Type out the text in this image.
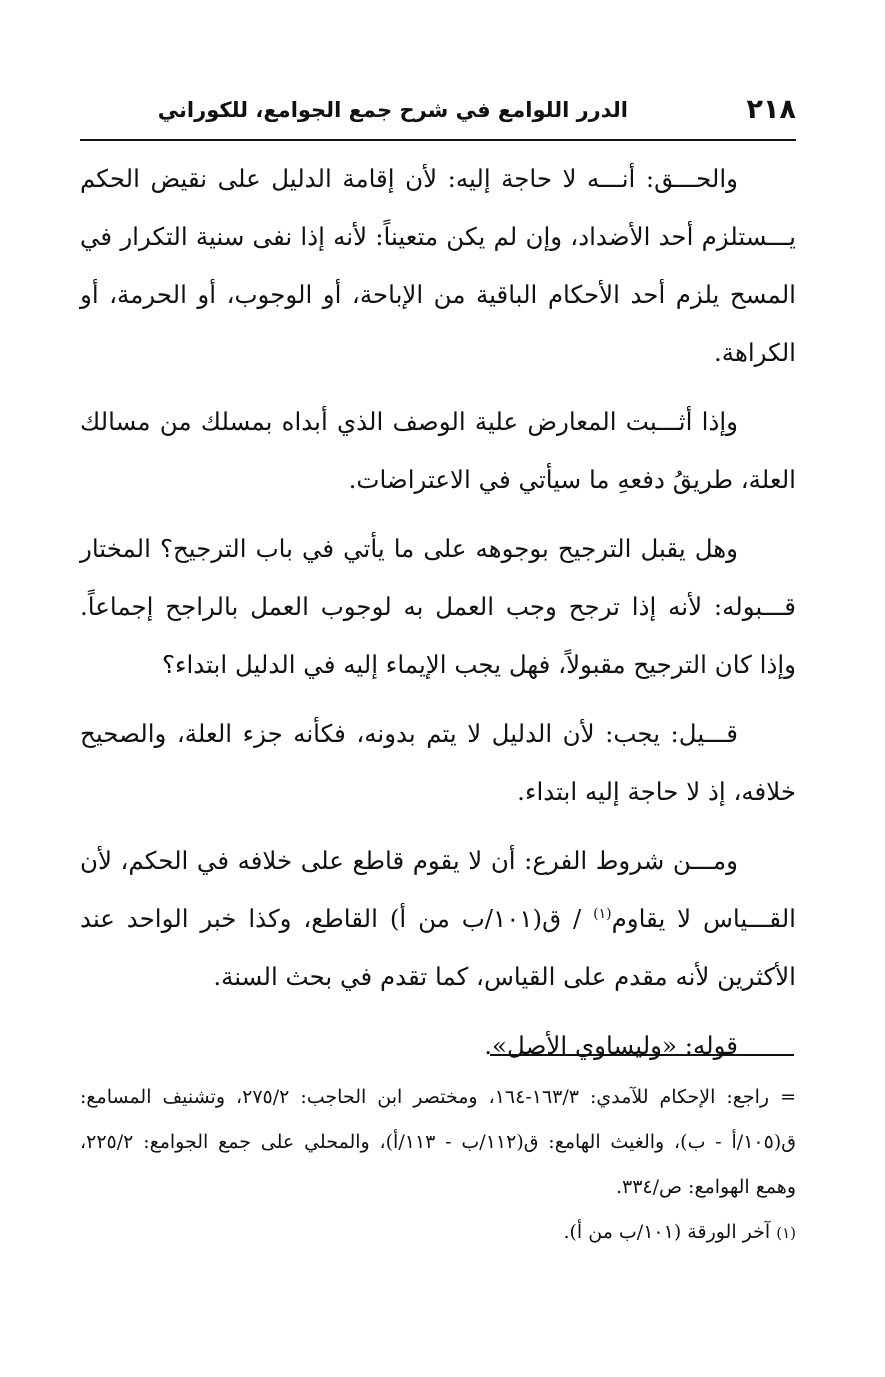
٢١٨
الدرر اللوامع في شرح جمع الجوامع، للكوراني

والحـــق: أنـــه لا حاجة إليه: لأن إقامة الدليل على نقيض الحكم يـــستلزم أحد الأضداد، وإن لم يكن متعيناً: لأنه إذا نفى سنية التكرار في المسح يلزم أحد الأحكام الباقية من الإباحة، أو الوجوب، أو الحرمة، أو الكراهة.

وإذا أثـــبت المعارض علية الوصف الذي أبداه بمسلك من مسالك العلة، طريقُ دفعهِ ما سيأتي في الاعتراضات.

وهل يقبل الترجيح بوجوهه على ما يأتي في باب الترجيح؟ المختار قـــبوله: لأنه إذا ترجح وجب العمل به لوجوب العمل بالراجح إجماعاً. وإذا كان الترجيح مقبولاً، فهل يجب الإيماء إليه في الدليل ابتداء؟

قـــيل: يجب: لأن الدليل لا يتم بدونه، فكأنه جزء العلة، والصحيح خلافه، إذ لا حاجة إليه ابتداء.

ومـــن شروط الفرع: أن لا يقوم قاطع على خلافه في الحكم، لأن القـــياس لا يقاوم$^{(١)}$ / ق(١٠١/ب من أ) القاطع، وكذا خبر الواحد عند الأكثرين لأنه مقدم على القياس، كما تقدم في بحث السنة.

قوله: «وليساوي الأصل».

= راجع: الإحكام للآمدي: ١٦٣/٣-١٦٤، ومختصر ابن الحاجب: ٢٧٥/٢، وتشنيف المسامع: ق(١٠٥/أ - ب)، والغيث الهامع: ق(١١٢/ب - ١١٣/أ)، والمحلي على جمع الجوامع: ٢٢٥/٢، وهمع الهوامع: ص/٣٣٤.

(١) آخر الورقة (١٠١/ب من أ).
